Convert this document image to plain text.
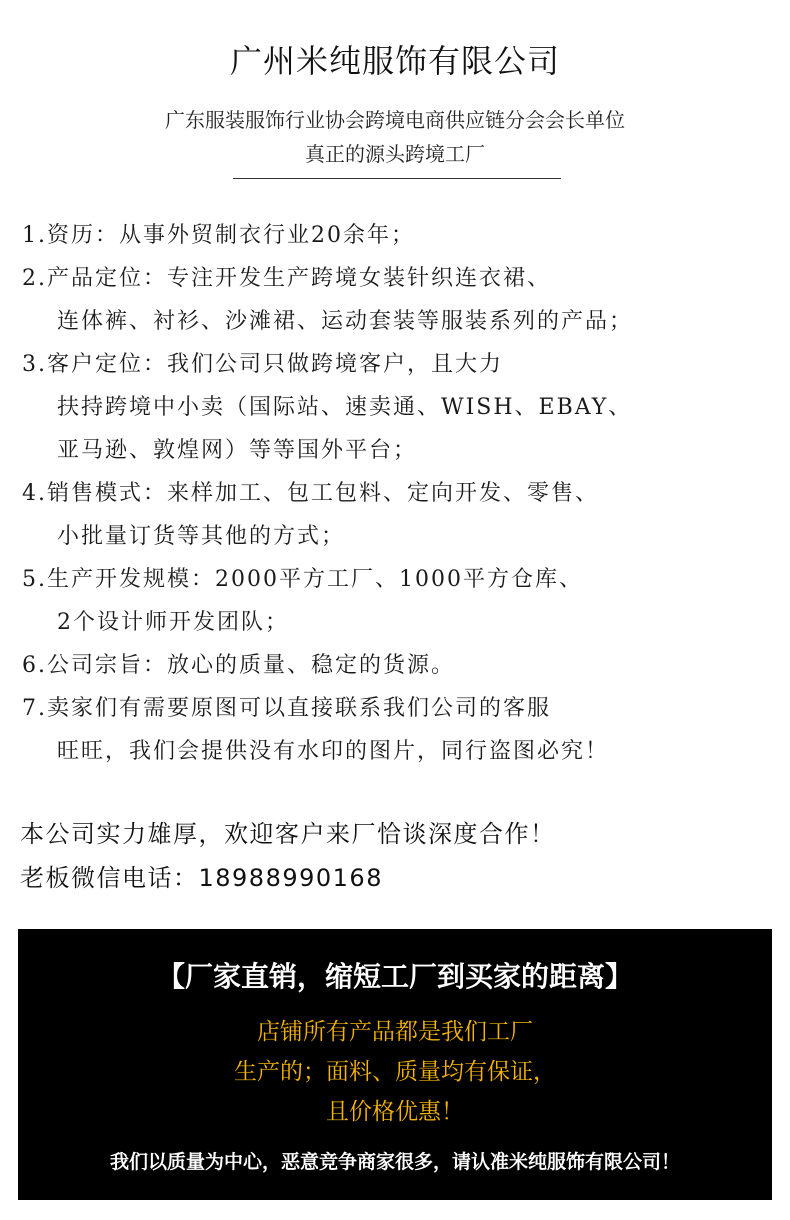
广州米纯服饰有限公司
广东服装服饰行业协会跨境电商供应链分会会长单位
真正的源头跨境工厂
1.资历：从事外贸制衣行业20余年；
2.产品定位：专注开发生产跨境女装针织连衣裙、
连体裤、衬衫、沙滩裙、运动套装等服装系列的产品；
3.客户定位：我们公司只做跨境客户，且大力
扶持跨境中小卖（国际站、速卖通、WISH、EBAY、
亚马逊、敦煌网）等等国外平台；
4.销售模式：来样加工、包工包料、定向开发、零售、
小批量订货等其他的方式；
5.生产开发规模：2000平方工厂、1000平方仓库、
2个设计师开发团队；
6.公司宗旨：放心的质量、稳定的货源。
7.卖家们有需要原图可以直接联系我们公司的客服
旺旺，我们会提供没有水印的图片，同行盗图必究！
本公司实力雄厚，欢迎客户来厂恰谈深度合作！
老板微信电话：18988990168
【厂家直销，缩短工厂到买家的距离】
店铺所有产品都是我们工厂
生产的；面料、质量均有保证，
且价格优惠！
我们以质量为中心，恶意竞争商家很多，请认准米纯服饰有限公司！
